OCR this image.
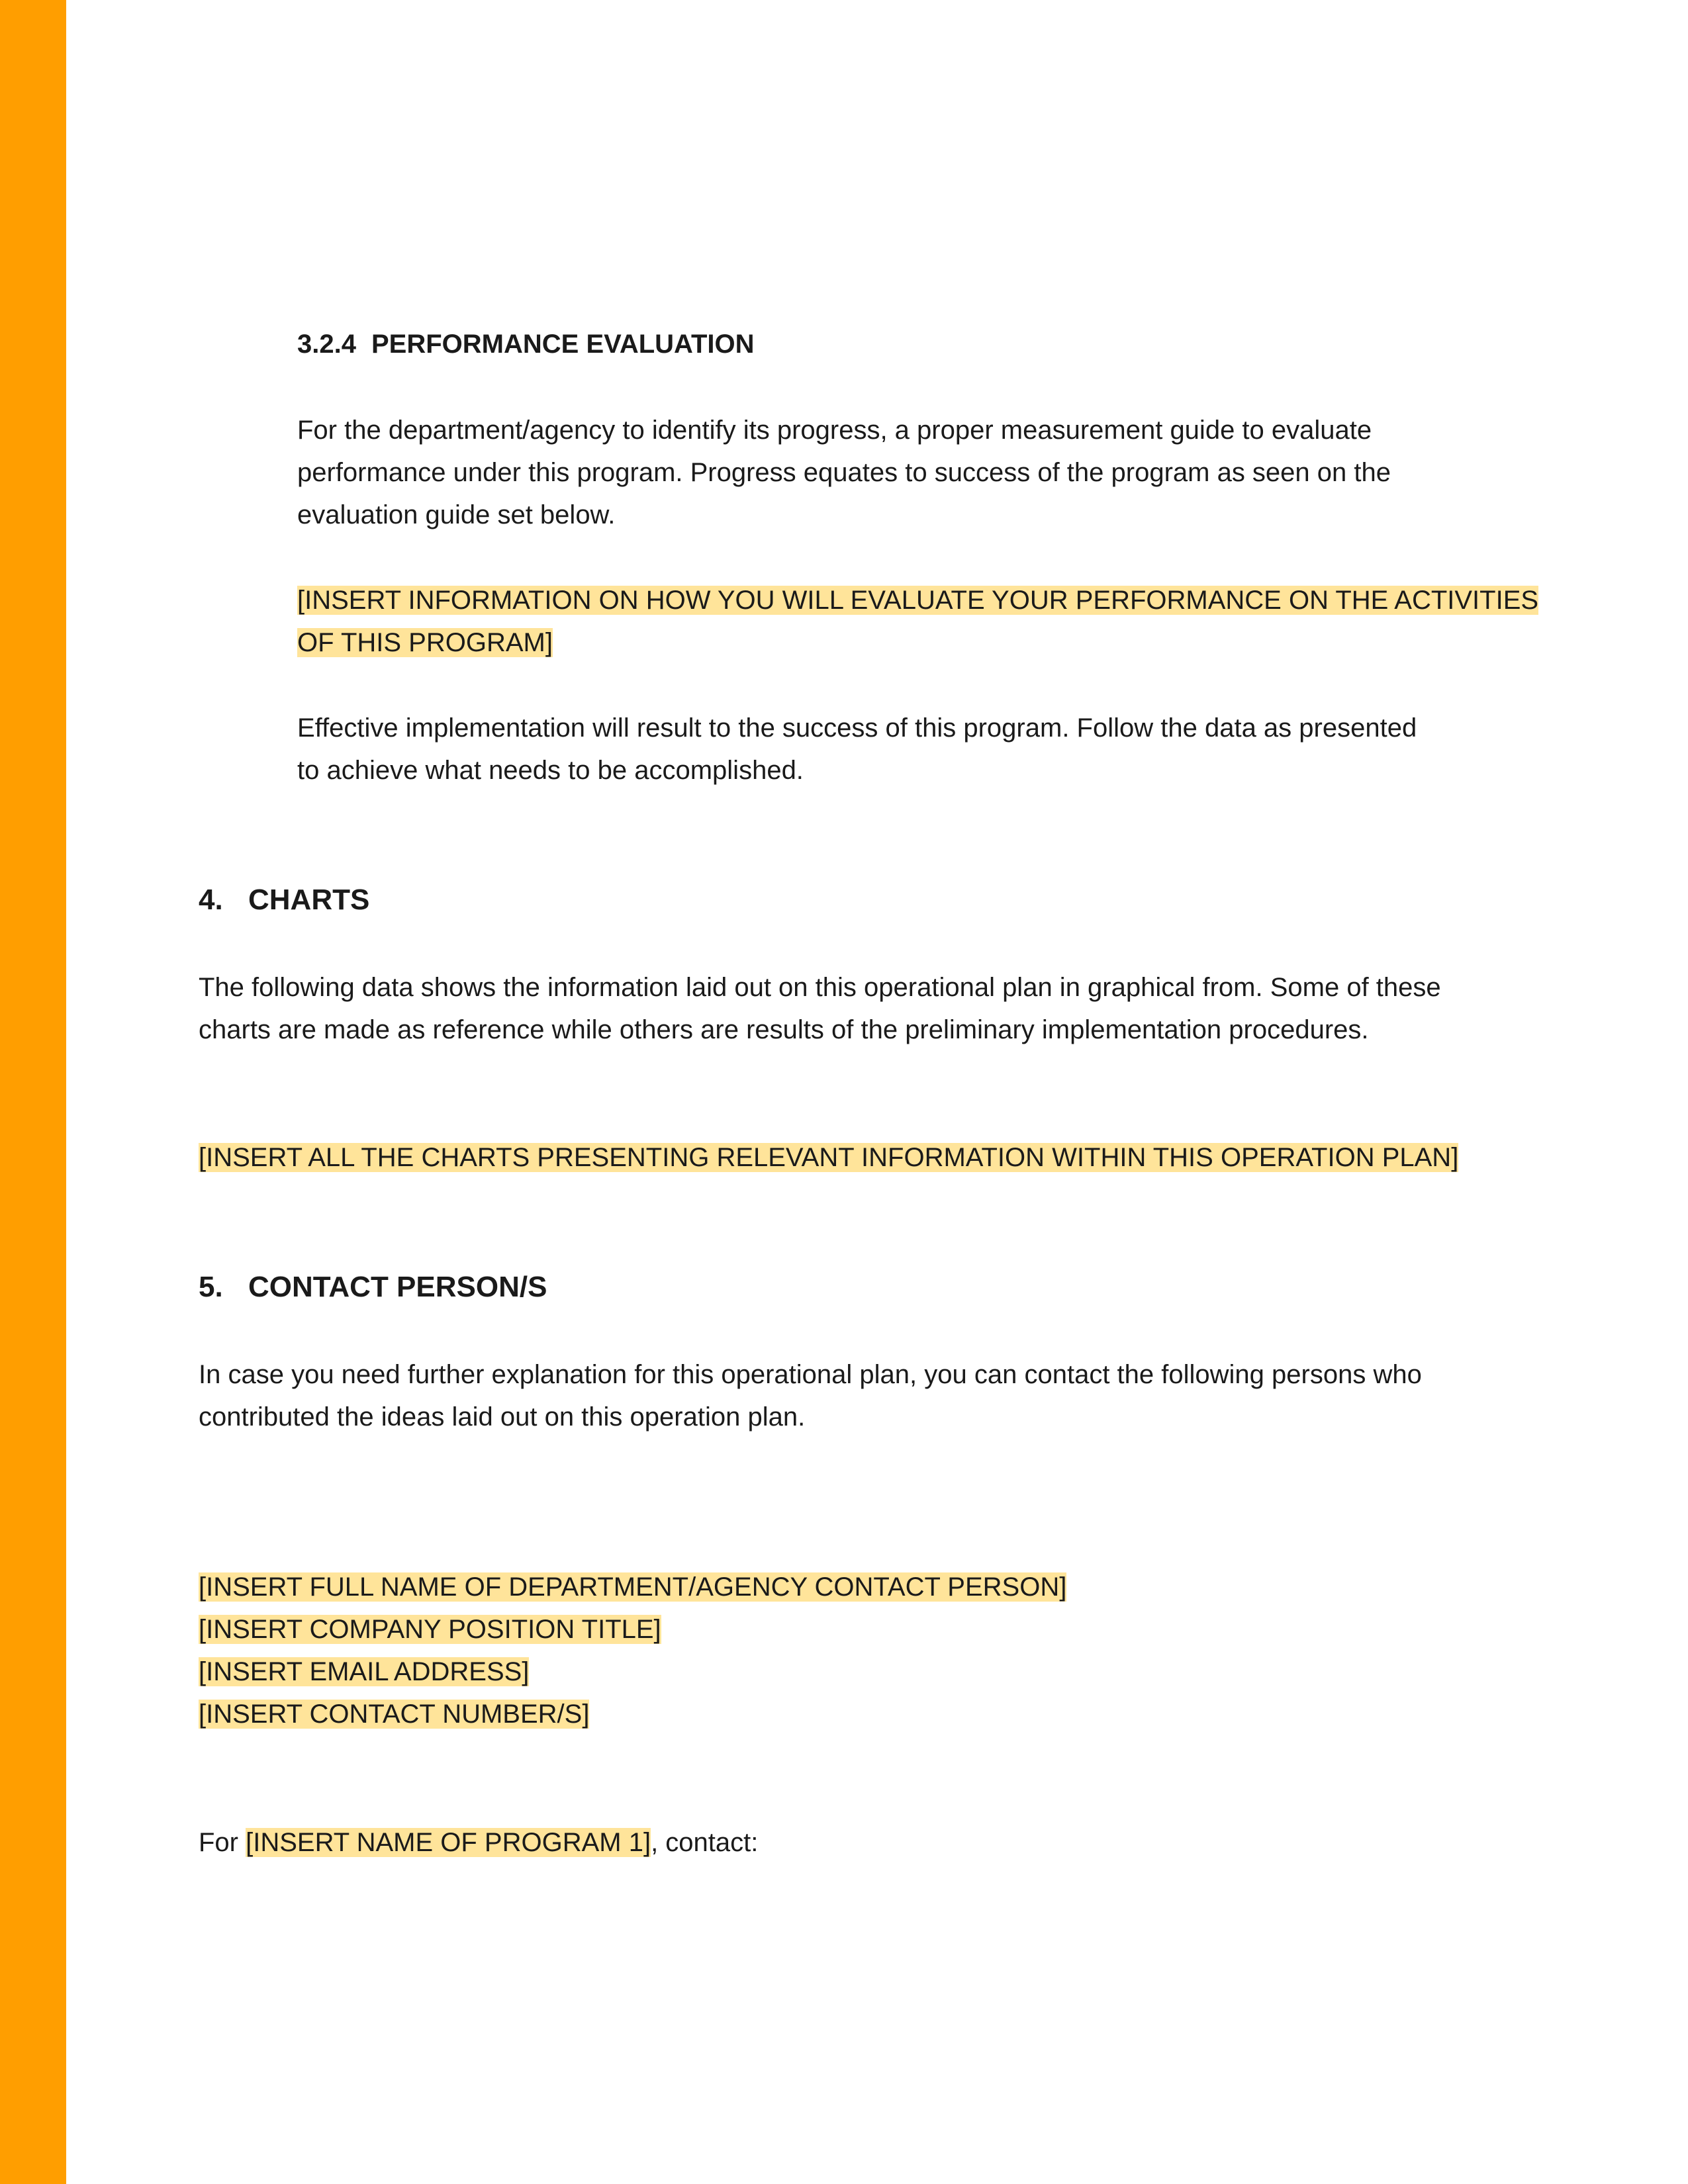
3.2.4 PERFORMANCE EVALUATION

For the department/agency to identify its progress, a proper measurement guide to evaluate performance under this program. Progress equates to success of the program as seen on the evaluation guide set below.

[INSERT INFORMATION ON HOW YOU WILL EVALUATE YOUR PERFORMANCE ON THE ACTIVITIES
OF THIS PROGRAM]
Effective implementation will result to the success of this program. Follow the data as presented
to achieve what needs to be accomplished.
4. CHARTS

The following data shows the information laid out on this operational plan in graphical from. Some of these charts are made as reference while others are results of the preliminary implementation procedures.

[INSERT ALL THE CHARTS PRESENTING RELEVANT INFORMATION WITHIN THIS OPERATION PLAN]

5. CONTACT PERSON/S

In case you need further explanation for this operational plan, you can contact the following persons who contributed the ideas laid out on this operation plan.

[INSERT FULL NAME OF DEPARTMENT/AGENCY CONTACT PERSON]
[INSERT COMPANY POSITION TITLE]
[INSERT EMAIL ADDRESS]
[INSERT CONTACT NUMBER/S]

For [INSERT NAME OF PROGRAM 1], contact:
